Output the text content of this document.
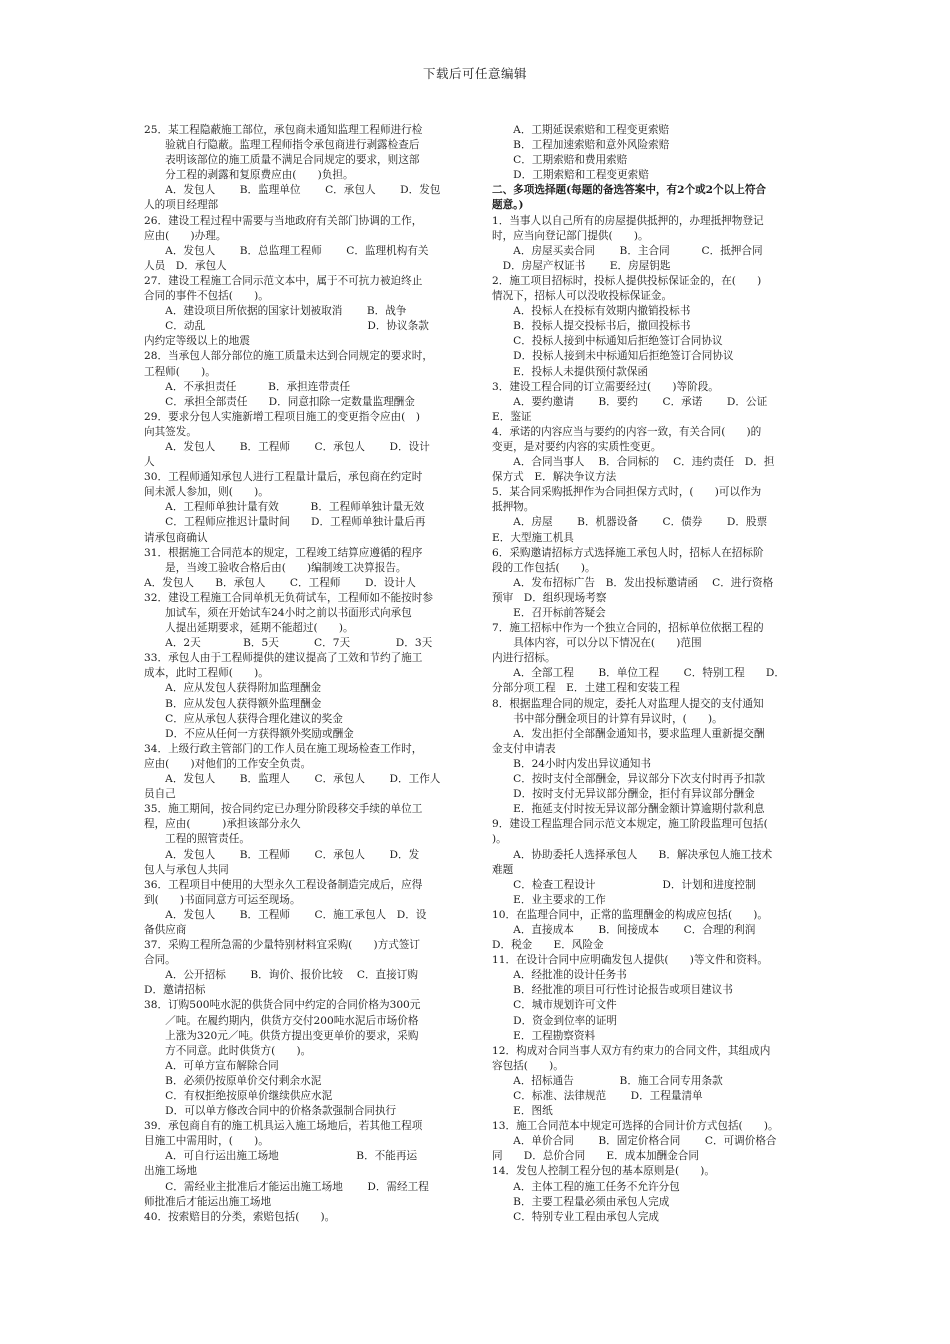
下载后可任意编辑
25．某工程隐蔽施工部位，承包商未通知监理工程师进行检
　　验就自行隐蔽。监理工程师指令承包商进行剥露检查后
　　表明该部位的施工质量不满足合同规定的要求，则这部
　　分工程的剥露和复原费应由(　　)负担。
　　A．发包人　　 B．监理单位　　 C．承包人　　 D．发包
人的项目经理部
26．建设工程过程中需要与当地政府有关部门协调的工作，
应由(　　)办理。
　　A．发包人　　 B．总监理工程师　　 C．监理机构有关
人员　D．承包人
27．建设工程施工合同示范文本中，属于不可抗力被迫终止
合同的事件不包括(　　)。
　　A．建设项目所依据的国家计划被取消　　 B．战争
　　C．动乱　　　　　　　　　　　　　　　 D．协议条款
内约定等级以上的地震
28．当承包人部分部位的施工质量未达到合同规定的要求时，
工程师(　　)。
　　A．不承担责任　　　B．承担连带责任
　　C．承担全部责任　　D．同意扣除一定数量监理酬金
29．要求分包人实施新增工程项目施工的变更指令应由(　)
向其签发。
　　A．发包人　　 B．工程师　　 C．承包人　　 D．设计
人
30．工程师通知承包人进行工程量计量后，承包商在约定时
间未派人参加，则(　　)。
　　A．工程师单独计量有效　　　B．工程师单独计量无效
　　C．工程师应推迟计量时间　　D．工程师单独计量后再
请承包商确认
31．根据施工合同范本的规定，工程竣工结算应遵循的程序
　　是，当竣工验收合格后由(　　)编制竣工决算报告。
A．发包人　　B．承包人　　 C．工程师　　 D．设计人
32．建设工程施工合同单机无负荷试车，工程师如不能按时参
　　加试车，须在开始试车24小时之前以书面形式向承包
　　人提出延期要求，延期不能超过(　　)。
　　A．2天　　　　B．5天　　　 C．7天　　　　 D．3天
33．承包人由于工程师提供的建议提高了工效和节约了施工
成本，此时工程师(　　)。
　　A．应从发包人获得附加监理酬金
　　B．应从发包人获得额外监理酬金
　　C．应从承包人获得合理化建议的奖金
　　D．不应从任何一方获得额外奖励或酬金
34．上级行政主管部门的工作人员在施工现场检查工作时，
应由(　　)对他们的工作安全负责。
　　A．发包人　　 B．监理人　　 C．承包人　　 D．工作人
员自己
35．施工期间，按合同约定已办理分阶段移交手续的单位工
程，应由(　　　)承担该部分永久
　　工程的照管责任。
　　A．发包人　　 B．工程师　　 C．承包人　　 D．发
包人与承包人共同
36．工程项目中使用的大型永久工程设备制造完成后，应得
到(　　)书面同意方可运至现场。
　　A．发包人　　 B．工程师　　 C．施工承包人　D．设
备供应商
37．采购工程所急需的少量特别材料宜采购(　　)方式签订
合同。
　　A．公开招标　　 B．询价、报价比较　 C．直接订购
D．邀请招标
38．订购500吨水泥的供货合同中约定的合同价格为300元
　　／吨。在履约期内，供货方交付200吨水泥后市场价格
　　上涨为320元／吨。供货方提出变更单价的要求，采购
　　方不同意。此时供货方(　　)。
　　A．可单方宣布解除合同
　　B．必须仍按原单价交付剩余水泥
　　C．有权拒绝按原单价继续供应水泥
　　D．可以单方修改合同中的价格条款强制合同执行
39．承包商自有的施工机具运入施工场地后，若其他工程项
目施工中需用时，(　　)。
　　A．可自行运出施工场地　　　　　　　 B．不能再运
出施工场地
　　C．需经业主批准后才能运出施工场地　　 D．需经工程
师批准后才能运出施工场地
40．按索赔目的分类，索赔包括(　　)。
　　A．工期延误索赔和工程变更索赔
　　B．工程加速索赔和意外风险索赔
　　C．工期索赔和费用索赔
　　D．工期索赔和工程变更索赔
二、多项选择题(每题的备选答案中，有2个或2个以上符合
题意。)
1．当事人以自己所有的房屋提供抵押的，办理抵押物登记
时，应当向登记部门提供(　　)。
　　A．房屋买卖合同　　 B．主合同　　　C．抵押合同
　D．房屋产权证书　　 E．房屋钥匙
2．施工项目招标时，投标人提供投标保证金的，在(　　)
情况下，招标人可以没收投标保证金。
　　A．投标人在投标有效期内撤销投标书
　　B．投标人提交投标书后，撤回投标书
　　C．投标人接到中标通知后拒绝签订合同协议
　　D．投标人接到未中标通知后拒绝签订合同协议
　　E．投标人未提供预付款保函
3．建设工程合同的订立需要经过(　　)等阶段。
　　A．要约邀请　　 B．要约　　 C．承诺　　 D．公证
E．鉴证
4．承诺的内容应当与要约的内容一致，有关合同(　　)的
变更，是对要约内容的实质性变更。
　　A．合同当事人　 B．合同标的　 C．违约责任　D．担
保方式　E．解决争议方法
5．某合同采购抵押作为合同担保方式时，(　　)可以作为
抵押物。
　　A．房屋　　 B．机器设备　　 C．债券　　 D．股票
E．大型施工机具
6．采购邀请招标方式选择施工承包人时，招标人在招标阶
段的工作包括(　　)。
　　A．发布招标广告　B．发出投标邀请函　 C．进行资格
预审　D．组织现场考察
　　E．召开标前答疑会
7．施工招标中作为一个独立合同的，招标单位依据工程的
　　具体内容，可以分以下情况在(　　)范围
内进行招标。
　　A．全部工程　　 B．单位工程　　 C．特别工程　　D．
分部分项工程　E．土建工程和安装工程
8．根据监理合同的规定，委托人对监理人提交的支付通知
　　书中部分酬金项目的计算有异议时，(　　)。
　　A．发出拒付全部酬金通知书，要求监理人重新提交酬
金支付申请表
　　B．24小时内发出异议通知书
　　C．按时支付全部酬金，异议部分下次支付时再予扣款
　　D．按时支付无异议部分酬金，拒付有异议部分酬金
　　E．拖延支付时按无异议部分酬金额计算逾期付款利息
9．建设工程监理合同示范文本规定，施工阶段监理可包括(
)。
　　A．协助委托人选择承包人　　B．解决承包人施工技术
难题
　　C．检查工程设计　　　　　　 D．计划和进度控制
　　E．业主要求的工作
10．在监理合同中，正常的监理酬金的构成应包括(　　)。
　　A．直接成本　　 B．间接成本　　 C．合理的利润
D．税金　　E．风险金
11．在设计合同中应明确发包人提供(　　)等文件和资料。
　　A．经批准的设计任务书
　　B．经批准的项目可行性讨论报告或项目建议书
　　C．城市规划许可文件
　　D．资金到位率的证明
　　E．工程勘察资料
12．构成对合同当事人双方有约束力的合同文件，其组成内
容包括(　　)。
　　A．招标通告　　　　 B．施工合同专用条款
　　C．标准、法律规范　　 D．工程量清单
　　E．图纸
13．施工合同范本中规定可选择的合同计价方式包括(　　)。
　　A．单价合同　　 B．固定价格合同　　 C．可调价格合
同　　D．总价合同　　E．成本加酬金合同
14．发包人控制工程分包的基本原则是(　　)。
　　A．主体工程的施工任务不允许分包
　　B．主要工程量必须由承包人完成
　　C．特别专业工程由承包人完成
